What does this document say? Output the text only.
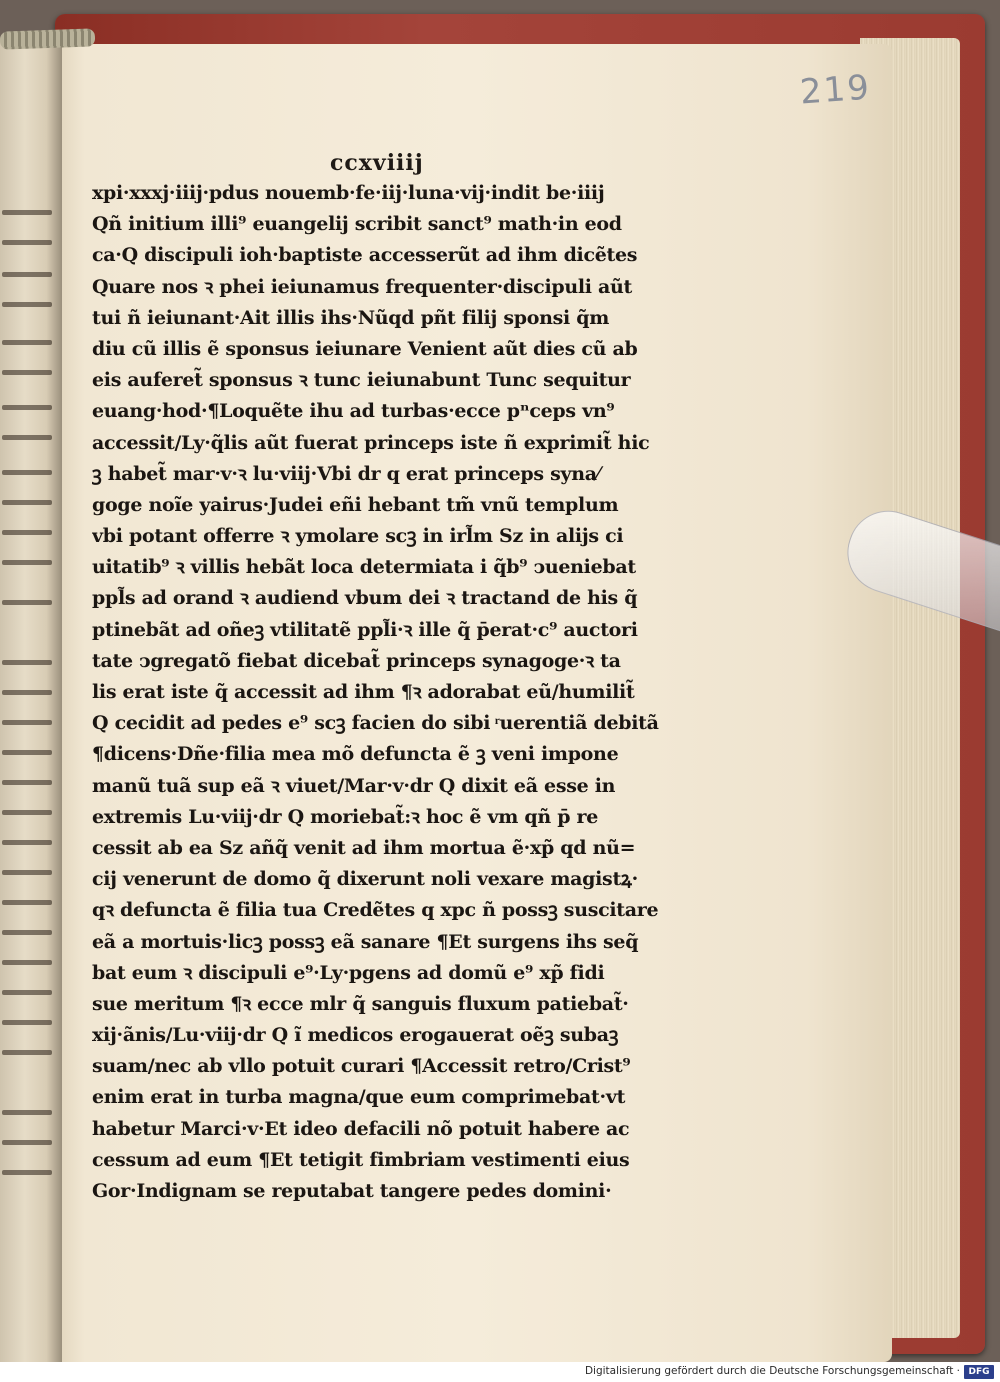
219
ccxviiij
xpi·xxxj·iiij·pdus nouemb·fe·iij·luna·vij·indit be·iiij
Qñ initium illi⁹ euangelij scribit sanct⁹ math·in eod
ca·Q discipuli ioh·baptiste accesserũt ad ihm dicẽtes
Quare nos ꝛ phei ieiunamus frequenter·discipuli aũt
tui ñ ieiunant·Ait illis ihs·Nũqd pñt filij sponsi q̃m
diu cũ illis ẽ sponsus ieiunare Venient aũt dies cũ ab
eis auferet̃ sponsus ꝛ tunc ieiunabunt Tunc sequitur
euang·hod·¶Loquẽte ihu ad turbas·ecce pⁿceps vn⁹
accessit/Ly·q̃lis aũt fuerat princeps iste ñ exprimit̃ hic
ꝫ habet̃ mar·v·ꝛ lu·viij·Vbi dr q erat princeps syna⁄
goge noĩe yairus·Judei eñi hebant tm̃ vnũ templum
vbi potant offerre ꝛ ymolare scꝫ in irl̃m Sz in alijs ci
uitatib⁹ ꝛ villis hebãt loca determiata i q̃b⁹ ↄueniebat
ppl̃s ad orand ꝛ audiend vbum dei ꝛ tractand de his q̃
ptinebãt ad oñeꝫ vtilitatẽ ppl̃i·ꝛ ille q̃ p̄erat·c⁹ auctori
tate ↄgregatõ fiebat dicebat̃ princeps synagoge·ꝛ ta
lis erat iste q̃ accessit ad ihm ¶ꝛ adorabat eũ/humilit̃
Q cecidit ad pedes e⁹ scꝫ facien do sibi ͬuerentiã debitã
¶dicens·Dñe·filia mea mõ defuncta ẽ ꝫ veni impone
manũ tuã sup eã ꝛ viuet/Mar·v·dr Q dixit eã esse in
extremis Lu·viij·dr Q moriebat̃:ꝛ hoc ẽ vm qñ p̄ re
cessit ab ea Sz añq̃ venit ad ihm mortua ẽ·xp̃ qd nũ=
cij venerunt de domo q̃ dixerunt noli vexare magistꝝ·
qꝛ defuncta ẽ filia tua Credẽtes q xpc ñ possꝫ suscitare
eã a mortuis·licꝫ possꝫ eã sanare ¶Et surgens ihs seq̃
bat eum ꝛ discipuli e⁹·Ly·pgens ad domũ e⁹ xp̃ fidi
sue meritum ¶ꝛ ecce mlr q̃ sanguis fluxum patiebat̃·
xij·ãnis/Lu·viij·dr Q ĩ medicos erogauerat oẽꝫ subaꝫ
suam/nec ab vllo potuit curari ¶Accessit retro/Crist⁹
enim erat in turba magna/que eum comprimebat·vt
habetur Marci·v·Et ideo defacili nõ potuit habere ac
cessum ad eum ¶Et tetigit fimbriam vestimenti eius
Gor·Indignam se reputabat tangere pedes domini·
Digitalisierung gefördert durch die Deutsche Forschungsgemeinschaft · DFG
